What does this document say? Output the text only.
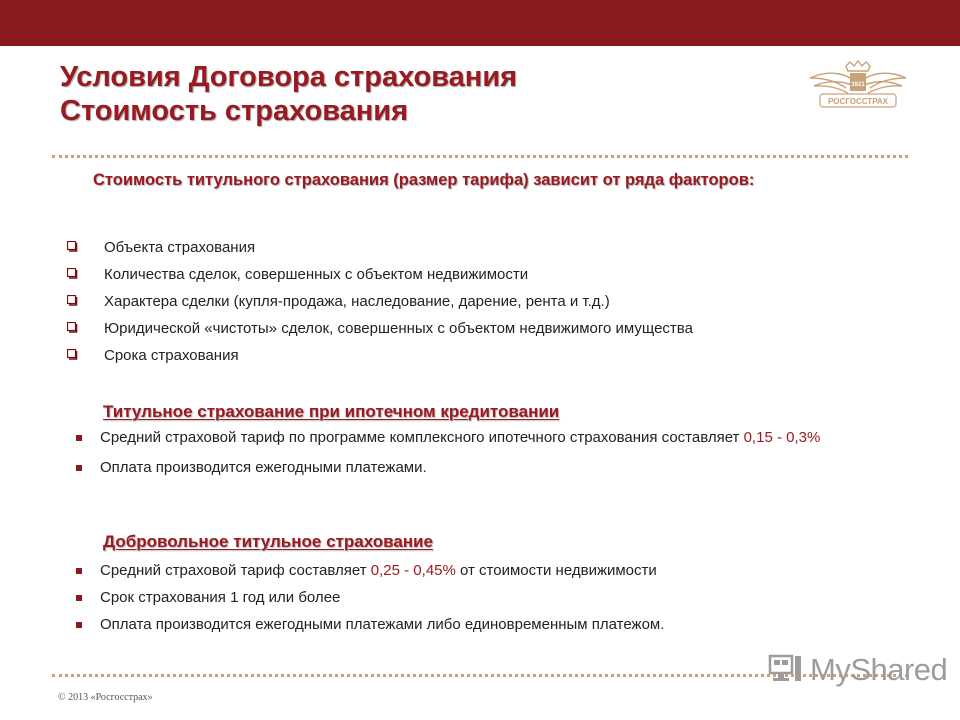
Условия Договора страхования
Стоимость страхования
1921
РОСГОССТРАХ

Стоимость титульного страхования (размер тарифа) зависит от ряда факторов:

Объекта страхования
Количества сделок, совершенных с объектом недвижимости
Характера сделки (купля-продажа, наследование, дарение, рента и т.д.)
Юридической «чистоты» сделок, совершенных с объектом недвижимого имущества
Срока страхования
Титульное страхование при ипотечном кредитовании
Средний страховой тариф по программе комплексного ипотечного страхования составляет 0,15 - 0,3%
Оплата производится ежегодными платежами.
Добровольное титульное страхование
Средний страховой тариф составляет 0,25 - 0,45% от стоимости недвижимости
Срок страхования 1 год или более
Оплата производится ежегодными платежами либо единовременным платежом.
© 2013 «Росгосстрах»
MyShared
